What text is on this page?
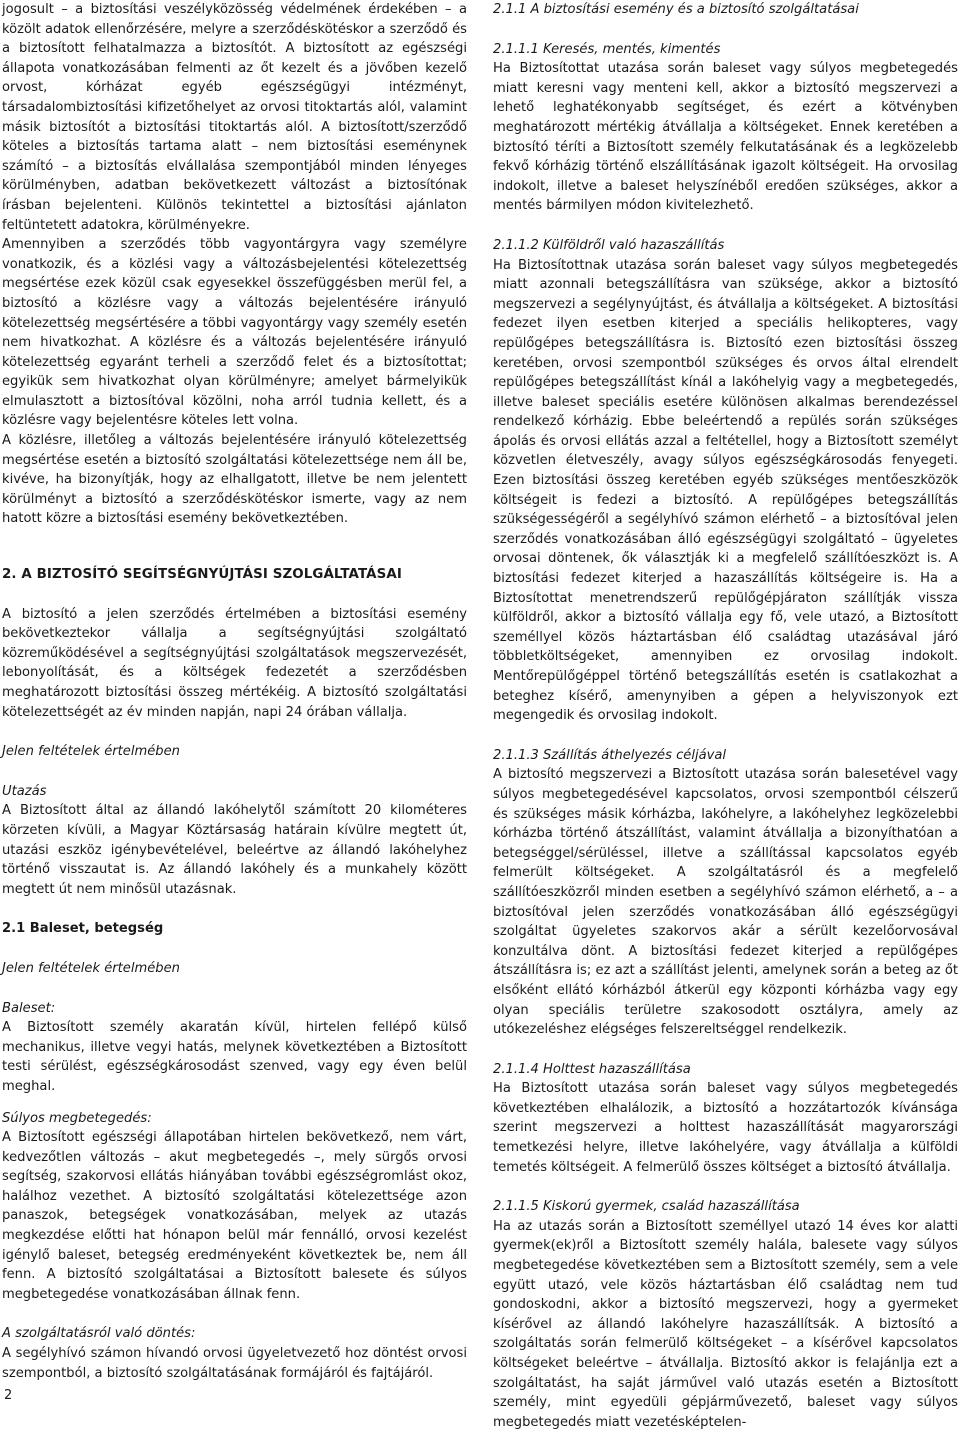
jogosult – a biztosítási veszélyközösség védelmének érdekében – a közölt adatok ellenőrzésére, melyre a szerződéskötéskor a szerződő és a biztosított felhatalmazza a biztosítót. A biztosított az egészségi állapota vonatkozásában felmenti az őt kezelt és a jövőben kezelő orvost, kórházat egyéb egészségügyi intézményt, társadalombiztosítási kifizetőhelyet az orvosi titoktartás alól, valamint másik biztosítót a biztosítási titoktartás alól. A biztosított/szerződő köteles a biztosítás tartama alatt – nem biztosítási eseménynek számító – a biztosítás elvállalása szempontjából minden lényeges körülményben, adatban bekövetkezett változást a biztosítónak írásban bejelenteni. Különös tekintettel a biztosítási ajánlaton feltüntetett adatokra, körülményekre.

Amennyiben a szerződés több vagyontárgyra vagy személyre vonatkozik, és a közlési vagy a változásbejelentési kötelezettség megsértése ezek közül csak egyesekkel összefüggésben merül fel, a biztosító a közlésre vagy a változás bejelentésére irányuló kötelezettség megsértésére a többi vagyontárgy vagy személy esetén nem hivatkozhat. A közlésre és a változás bejelentésére irányuló kötelezettség egyaránt terheli a szerződő felet és a biztosítottat; egyikük sem hivatkozhat olyan körülményre; amelyet bármelyikük elmulasztott a biztosítóval közölni, noha arról tudnia kellett, és a közlésre vagy bejelentésre köteles lett volna.

A közlésre, illetőleg a változás bejelentésére irányuló kötelezettség megsértése esetén a biztosító szolgáltatási kötelezettsége nem áll be, kivéve, ha bizonyítják, hogy az elhallgatott, illetve be nem jelentett körülményt a biztosító a szerződéskötéskor ismerte, vagy az nem hatott közre a biztosítási esemény bekövetkeztében.

2. A BIZTOSÍTÓ SEGÍTSÉGNYÚJTÁSI SZOLGÁLTATÁSAI

A biztosító a jelen szerződés értelmében a biztosítási esemény bekövetkeztekor vállalja a segítségnyújtási szolgáltató közreműködésével a segítségnyújtási szolgáltatások megszervezését, lebonyolítását, és a költségek fedezetét a szerződésben meghatározott biztosítási összeg mértékéig. A biztosító szolgáltatási kötelezettségét az év minden napján, napi 24 órában vállalja.

Jelen feltételek értelmében

Utazás

A Biztosított által az állandó lakóhelytől számított 20 kilométeres körzeten kívüli, a Magyar Köztársaság határain kívülre megtett út, utazási eszköz igénybevételével, beleértve az állandó lakóhelyhez történő visszautat is. Az állandó lakóhely és a munkahely között megtett út nem minősül utazásnak.

2.1 Baleset, betegség

Jelen feltételek értelmében

Baleset:

A Biztosított személy akaratán kívül, hirtelen fellépő külső mechanikus, illetve vegyi hatás, melynek következtében a Biztosított testi sérülést, egészségkárosodást szenved, vagy egy éven belül meghal.

Súlyos megbetegedés:

A Biztosított egészségi állapotában hirtelen bekövetkező, nem várt, kedvezőtlen változás – akut megbetegedés –, mely sürgős orvosi segítség, szakorvosi ellátás hiányában további egészségromlást okoz, halálhoz vezethet. A biztosító szolgáltatási kötelezettsége azon panaszok, betegségek vonatkozásában, melyek az utazás megkezdése előtti hat hónapon belül már fennálló, orvosi kezelést igénylő baleset, betegség eredményeként következtek be, nem áll fenn. A biztosító szolgáltatásai a Biztosított balesete és súlyos megbetegedése vonatkozásában állnak fenn.

A szolgáltatásról való döntés:

A segélyhívó számon hívandó orvosi ügyeletvezető hoz döntést orvosi szempontból, a biztosító szolgáltatásának formájáról és fajtájáról.

2.1.1 A biztosítási esemény és a biztosító szolgáltatásai

2.1.1.1 Keresés, mentés, kimentés

Ha Biztosítottat utazása során baleset vagy súlyos megbetegedés miatt keresni vagy menteni kell, akkor a biztosító megszervezi a lehető leghatékonyabb segítséget, és ezért a kötvényben meghatározott mértékig átvállalja a költségeket. Ennek keretében a biztosító téríti a Biztosított személy felkutatásának és a legközelebb fekvő kórházig történő elszállításának igazolt költségeit. Ha orvosilag indokolt, illetve a baleset helyszínéből eredően szükséges, akkor a mentés bármilyen módon kivitelezhető.

2.1.1.2 Külföldről való hazaszállítás

Ha Biztosítottnak utazása során baleset vagy súlyos megbetegedés miatt azonnali betegszállításra van szüksége, akkor a biztosító megszervezi a segélynyújtást, és átvállalja a költségeket. A biztosítási fedezet ilyen esetben kiterjed a speciális helikopteres, vagy repülőgépes betegszállításra is. Biztosító ezen biztosítási összeg keretében, orvosi szempontból szükséges és orvos által elrendelt repülőgépes betegszállítást kínál a lakóhelyig vagy a megbetegedés, illetve baleset speciális esetére különösen alkalmas berendezéssel rendelkező kórházig. Ebbe beleértendő a repülés során szükséges ápolás és orvosi ellátás azzal a feltétellel, hogy a Biztosított személyt közvetlen életveszély, avagy súlyos egészségkárosodás fenyegeti. Ezen biztosítási összeg keretében egyéb szükséges mentőeszközök költségeit is fedezi a biztosító. A repülőgépes betegszállítás szükségességéről a segélyhívó számon elérhető – a biztosítóval jelen szerződés vonatkozásában álló egészségügyi szolgáltató – ügyeletes orvosai döntenek, ők választják ki a megfelelő szállítóeszközt is. A biztosítási fedezet kiterjed a hazaszállítás költségeire is. Ha a Biztosítottat menetrendszerű repülőgépjáraton szállítják vissza külföldről, akkor a biztosító vállalja egy fő, vele utazó, a Biztosított személlyel közös háztartásban élő családtag utazásával járó többletköltségeket, amennyiben ez orvosilag indokolt. Mentőrepülőgéppel történő betegszállítás esetén is csatlakozhat a beteghez kísérő, amenynyiben a gépen a helyviszonyok ezt megengedik és orvosilag indokolt.

2.1.1.3 Szállítás áthelyezés céljával

A biztosító megszervezi a Biztosított utazása során balesetével vagy súlyos megbetegedésével kapcsolatos, orvosi szempontból célszerű és szükséges másik kórházba, lakóhelyre, a lakóhelyhez legközelebbi kórházba történő átszállítást, valamint átvállalja a bizonyíthatóan a betegséggel/sérüléssel, illetve a szállítással kapcsolatos egyéb felmerült költségeket. A szolgáltatásról és a megfelelő szállítóeszközről minden esetben a segélyhívó számon elérhető, a – a biztosítóval jelen szerződés vonatkozásában álló egészségügyi szolgáltat ügyeletes szakorvos akár a sérült kezelőorvosával konzultálva dönt. A biztosítási fedezet kiterjed a repülőgépes átszállításra is; ez azt a szállítást jelenti, amelynek során a beteg az őt elsőként ellátó kórházból átkerül egy központi kórházba vagy egy olyan speciális területre szakosodott osztályra, amely az utókezeléshez elégséges felszereltséggel rendelkezik.

2.1.1.4 Holttest hazaszállítása

Ha Biztosított utazása során baleset vagy súlyos megbetegedés következtében elhalálozik, a biztosító a hozzátartozók kívánsága szerint megszervezi a holttest hazaszállítását magyarországi temetkezési helyre, illetve lakóhelyére, vagy átvállalja a külföldi temetés költségeit. A felmerülő összes költséget a biztosító átvállalja.

2.1.1.5 Kiskorú gyermek, család hazaszállítása

Ha az utazás során a Biztosított személlyel utazó 14 éves kor alatti gyermek(ek)ről a Biztosított személy halála, balesete vagy súlyos megbetegedése következtében sem a Biztosított személy, sem a vele együtt utazó, vele közös háztartásban élő családtag nem tud gondoskodni, akkor a biztosító megszervezi, hogy a gyermeket kísérővel az állandó lakóhelyre hazaszállítsák. A biztosító a szolgáltatás során felmerülő költségeket – a kísérővel kapcsolatos költségeket beleértve – átvállalja. Biztosító akkor is felajánlja ezt a szolgáltatást, ha saját járművel való utazás esetén a Biztosított személy, mint egyedüli gépjárművezető, baleset vagy súlyos megbetegedés miatt vezetésképtelen-

2
